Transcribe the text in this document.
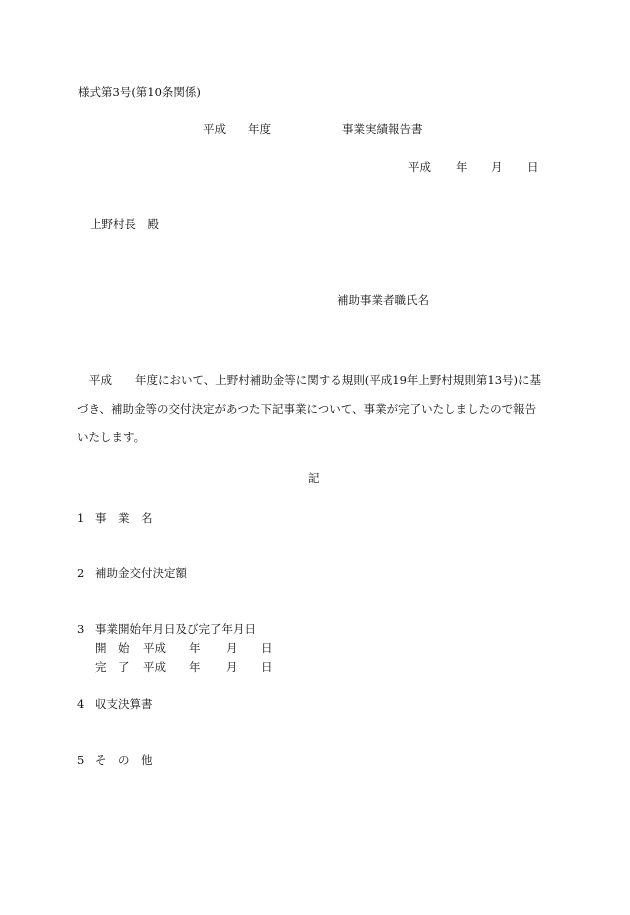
様式第3号(第10条関係)
平成 年度	事業実績報告書
平成 年 月 日
上野村長　殿
補助事業者職氏名
平成　　年度において、上野村補助金等に関する規則(平成19年上野村規則第13号)に基
づき、補助金等の交付決定があつた下記事業について、事業が完了いたしましたので報告
いたします。
記
1 事　業　名
2 補助金交付決定額
3 事業開始年月日及び完了年月日
開　始 平成 年 月 日
完　了 平成 年 月 日
4 収支決算書
5 そ　の　他
